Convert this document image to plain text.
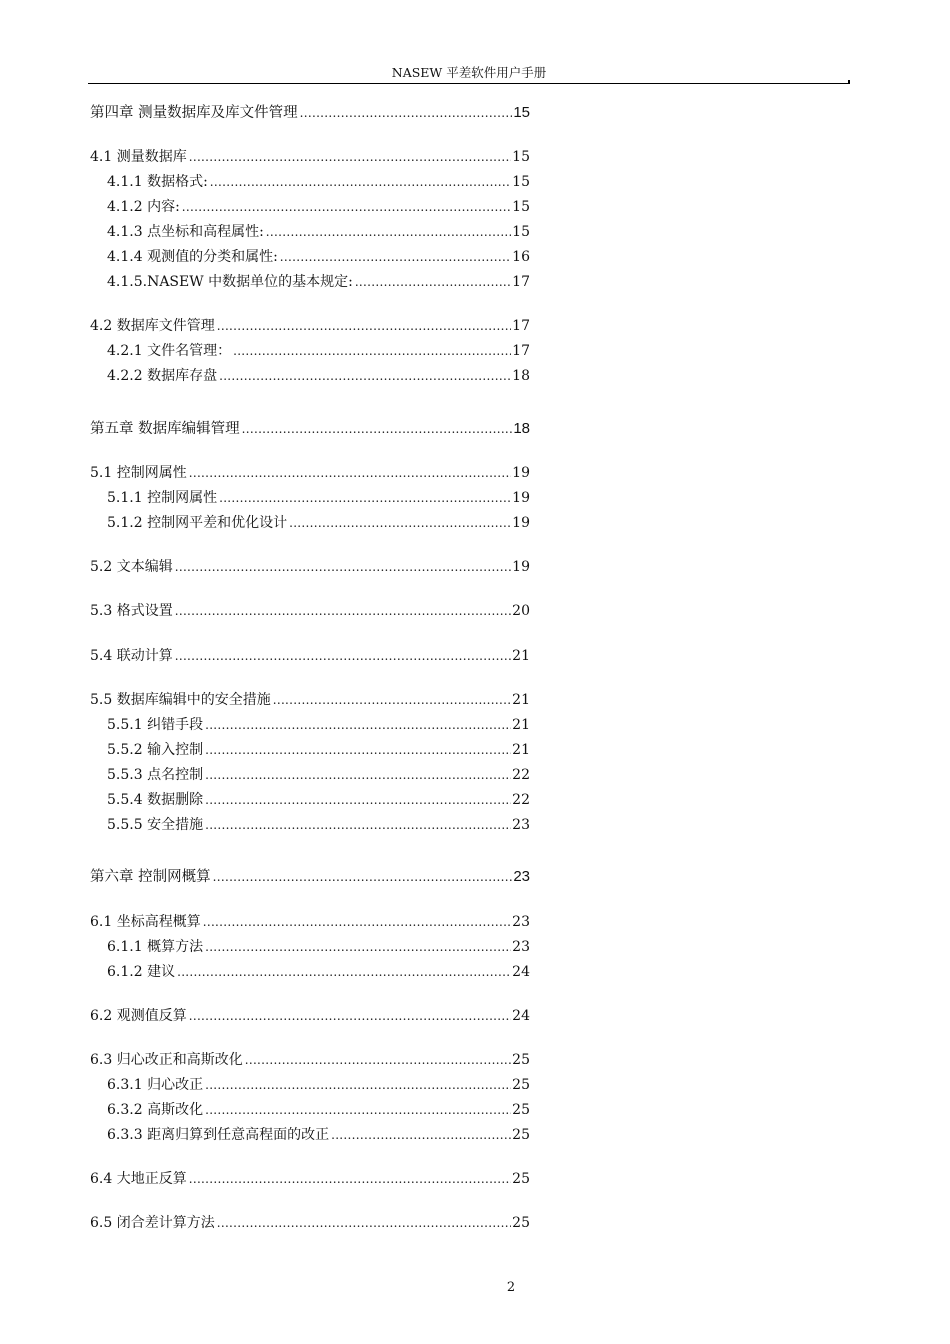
NASEW 平差软件用户手册
第四章 测量数据库及库文件管理 .....	15
4.1 测量数据库 .....	15
4.1.1 数据格式: .....	15
4.1.2 内容: .....	15
4.1.3 点坐标和高程属性: .....	15
4.1.4 观测值的分类和属性: .....	16
4.1.5.NASEW 中数据单位的基本规定: .....	17
4.2 数据库文件管理 .....	17
4.2.1 文件名管理： .....	17
4.2.2 数据库存盘 .....	18
第五章 数据库编辑管理 .....	18
5.1 控制网属性 .....	19
5.1.1 控制网属性 .....	19
5.1.2 控制网平差和优化设计 .....	19
5.2 文本编辑 .....	19
5.3 格式设置 .....	20
5.4 联动计算 .....	21
5.5 数据库编辑中的安全措施 .....	21
5.5.1 纠错手段 .....	21
5.5.2 输入控制 .....	21
5.5.3 点名控制 .....	22
5.5.4 数据删除 .....	22
5.5.5 安全措施 .....	23
第六章 控制网概算 .....	23
6.1 坐标高程概算 .....	23
6.1.1 概算方法 .....	23
6.1.2 建议 .....	24
6.2 观测值反算 .....	24
6.3 归心改正和高斯改化 .....	25
6.3.1 归心改正 .....	25
6.3.2 高斯改化 .....	25
6.3.3 距离归算到任意高程面的改正 .....	25
6.4 大地正反算 .....	25
6.5 闭合差计算方法 .....	25
2
